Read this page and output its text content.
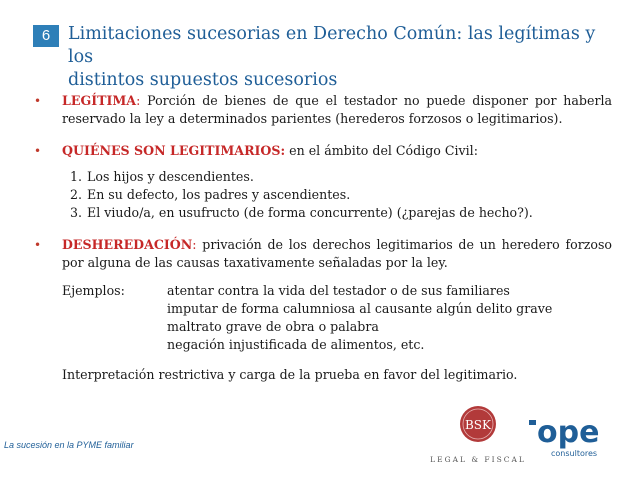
6	Limitaciones sucesorias en Derecho Común: las legítimas y los
distintos supuestos sucesorios
• LEGÍTIMA: Porción de bienes de que el testador no puede disponer por haberla reservado la ley a determinados parientes (herederos forzosos o legitimarios).
• QUIÉNES SON LEGITIMARIOS: en el ámbito del Código Civil:
1. Los hijos y descendientes.
2. En su defecto, los padres y ascendientes.
3. El viudo/a, en usufructo (de forma concurrente) (¿parejas de hecho?).
• DESHEREDACIÓN: privación de los derechos legitimarios de un heredero forzoso por alguna de las causas taxativamente señaladas por la ley.
Ejemplos:	atentar contra la vida del testador o de sus familiares
imputar de forma calumniosa al causante algún delito grave
maltrato grave de obra o palabra
negación injustificada de alimentos, etc.
Interpretación restrictiva y carga de la prueba en favor del legitimario.
La sucesión en la PYME familiar
BSK
LEGAL & FISCAL
ope
consultores
